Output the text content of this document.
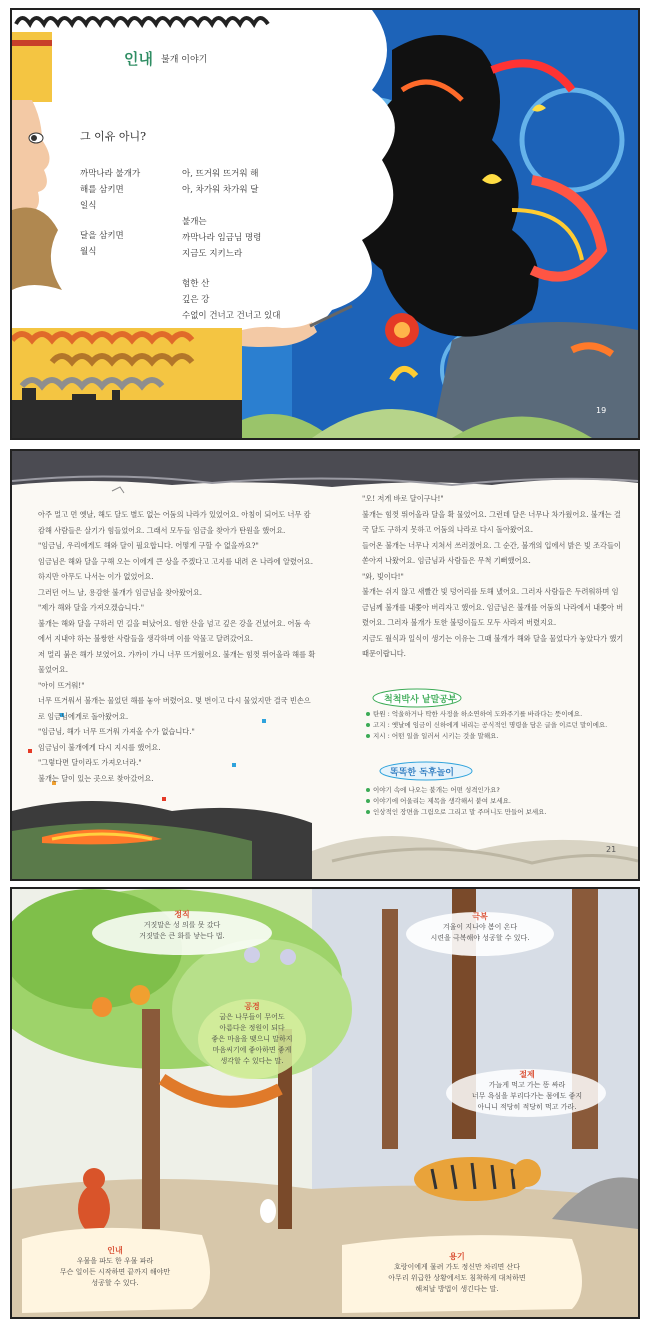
인내 불개 이야기
그 이유 아니?
까막나라 불개가
해를 삼키면
일식
달을 삼키면
월식
아, 뜨거워 뜨거워 해
아, 차가워 차가워 달
불개는
까막나라 임금님 명령
지금도 지키느라
험한 산
깊은 강
수없이 건너고 건너고 있대
19

아주 멀고 먼 옛날, 해도 달도 별도 없는 어둠의 나라가 있었어요. 아침이 되어도 너무 캄캄해 사람들은 살기가 힘들었어요. 그래서 모두들 임금을 찾아가 탄원을 했어요.

"임금님, 우리에게도 해와 달이 필요합니다. 어떻게 구할 수 없을까요?"

임금님은 해와 달을 구해 오는 이에게 큰 상을 주겠다고 고지를 내려 온 나라에 알렸어요. 하지만 아무도 나서는 이가 없었어요.

그러던 어느 날, 용감한 불개가 임금님을 찾아왔어요.

"제가 해와 달을 가져오겠습니다."

불개는 해와 달을 구하러 먼 길을 떠났어요. 험한 산을 넘고 깊은 강을 건넜어요. 어둠 속에서 지내야 하는 불쌍한 사람들을 생각하며 이를 악물고 달려갔어요.

저 멀리 붉은 해가 보였어요. 가까이 가니 너무 뜨거웠어요. 불개는 힘껏 뛰어올라 해를 확 물었어요.

"아이 뜨거워!"

너무 뜨거워서 불개는 물었던 해를 놓아 버렸어요. 몇 번이고 다시 물었지만 결국 빈손으로 임금님에게로 돌아왔어요.

"임금님, 해가 너무 뜨거워 가져올 수가 없습니다."

임금님이 불개에게 다시 지시를 했어요.

"그렇다면 달이라도 가져오너라."

불개는 달이 있는 곳으로 찾아갔어요.

"오! 저게 바로 달이구나!"

불개는 힘껏 뛰어올라 달을 확 물었어요. 그런데 달은 너무나 차가웠어요. 불개는 결국 달도 구하지 못하고 어둠의 나라로 다시 돌아왔어요.

들어온 불개는 너무나 지쳐서 쓰러졌어요. 그 순간, 불개의 입에서 밝은 빛 조각들이 쏟아져 나왔어요. 임금님과 사람들은 무척 기뻐했어요.

"와, 빛이다!"

불개는 쉬지 않고 새빨간 빛 덩어리를 토해 냈어요. 그러자 사람들은 두려워하며 임금님께 불개를 내쫓아 버리자고 했어요. 임금님은 불개를 어둠의 나라에서 내쫓아 버렸어요. 그러자 불개가 토한 불덩이들도 모두 사라져 버렸지요.

지금도 월식과 일식이 생기는 이유는 그때 불개가 해와 달을 물었다가 놓았다가 했기 때문이랍니다.

척척박사 낱말공부
탄원 : 억울하거나 딱한 사정을 하소연하여 도와주기를 바라다는 뜻이에요.
고지 : 옛날에 임금이 신하에게 내리는 공식적인 명령을 담은 글을 이르던 말이에요.
지시 : 어떤 일을 일러서 시키는 것을 말해요.
똑똑한 독후놀이
이야기 속에 나오는 불개는 어떤 성격인가요?
이야기에 어울리는 제목을 생각해서 붙여 보세요.
인상적인 장면을 그림으로 그리고 말 주머니도 만들어 보세요.
21
정직
거짓말은 성 의를 못 갔다
거짓말은 큰 화를 낳는다 법.
극복
겨울이 지나야 봄이 온다
시련을 극복해야 성공할 수 있다.
공경
굽은 나무들이 무어도
아름다운 정원이 되다
좋은 마음을 맺으니 말하지
마음씨기에 좋아하면 좋게
생각할 수 있다는 말.
절제
가늘게 먹고 가는 똥 싸라
너무 욕심을 부리다가는 몸에도 좋지
아니니 적당히 적당히 먹고 가라.
인내
우물을 파도 한 우물 파라
무슨 일이든 시작하면 끝까지 해야만
성공할 수 있다.
용기
호랑이에게 물려 가도 정신만 차리면 산다
아무리 위급한 상황에서도 침착하게 대처하면
해쳐날 방법이 생긴다는 말.
